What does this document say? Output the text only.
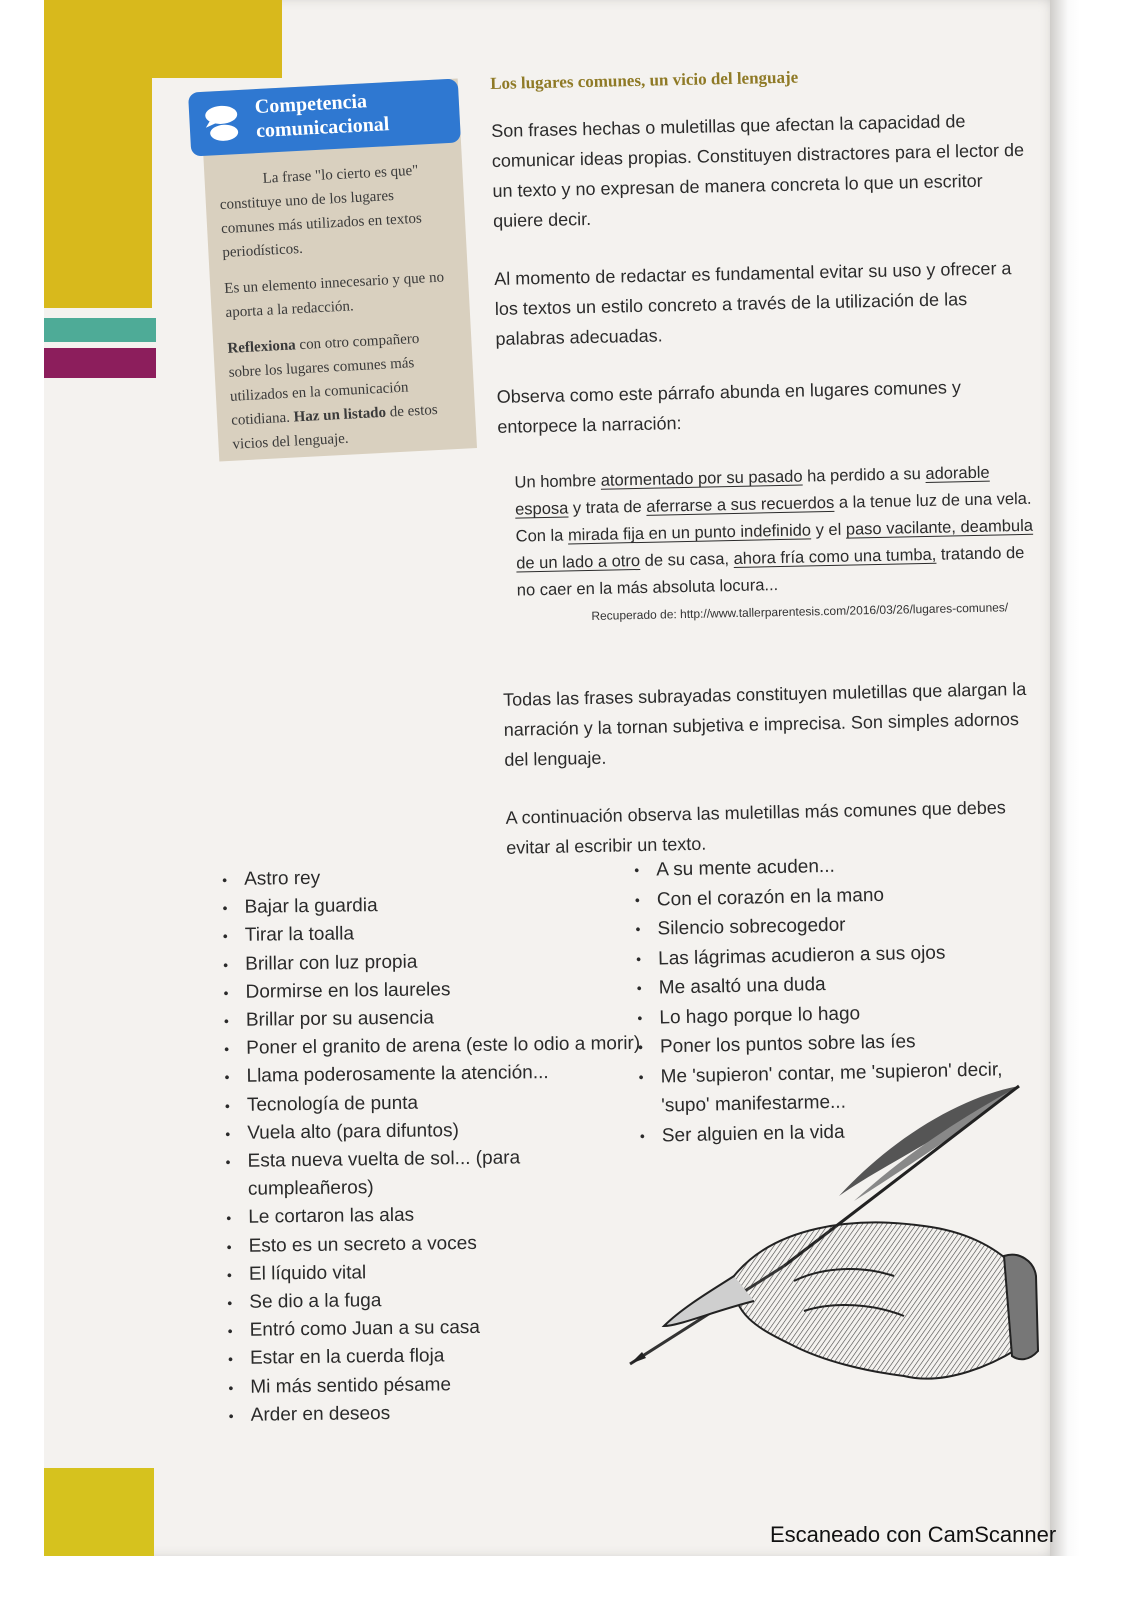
Competencia
comunicacional

La frase "lo cierto es que" constituye uno de los lugares comunes más utilizados en textos periodísticos.

Es un elemento innecesario y que no aporta a la redacción.

Reflexiona con otro compañero sobre los lugares comunes más utilizados en la comunicación cotidiana. Haz un listado de estos vicios del lenguaje.

Los lugares comunes, un vicio del lenguaje

Son frases hechas o muletillas que afectan la capacidad de comunicar ideas propias. Constituyen distractores para el lector de un texto y no expresan de manera concreta lo que un escritor quiere decir.

Al momento de redactar es fundamental evitar su uso y ofrecer a los textos un estilo concreto a través de la utilización de las palabras adecuadas.

Observa como este párrafo abunda en lugares comunes y entorpece la narración:

Un hombre atormentado por su pasado ha perdido a su adorable esposa y trata de aferrarse a sus recuerdos a la tenue luz de una vela. Con la mirada fija en un punto indefinido y el paso vacilante, deambula de un lado a otro de su casa, ahora fría como una tumba, tratando de no caer en la más absoluta locura...

Recuperado de: http://www.tallerparentesis.com/2016/03/26/lugares-comunes/

Todas las frases subrayadas constituyen muletillas que alargan la narración y la tornan subjetiva e imprecisa. Son simples adornos del lenguaje.

A continuación observa las muletillas más comunes que debes evitar al escribir un texto.

• Astro rey
• Bajar la guardia
• Tirar la toalla
• Brillar con luz propia
• Dormirse en los laureles
• Brillar por su ausencia
• Poner el granito de arena (este lo odio a morir)
• Llama poderosamente la atención...
• Tecnología de punta
• Vuela alto (para difuntos)
• Esta nueva vuelta de sol... (para cumpleañeros)
• Le cortaron las alas
• Esto es un secreto a voces
• El líquido vital
• Se dio a la fuga
• Entró como Juan a su casa
• Estar en la cuerda floja
• Mi más sentido pésame
• Arder en deseos
• A su mente acuden...
• Con el corazón en la mano
• Silencio sobrecogedor
• Las lágrimas acudieron a sus ojos
• Me asaltó una duda
• Lo hago porque lo hago
• Poner los puntos sobre las íes
• Me 'supieron' contar, me 'supieron' decir, 'supo' manifestarme...
• Ser alguien en la vida
Escaneado con CamScanner
